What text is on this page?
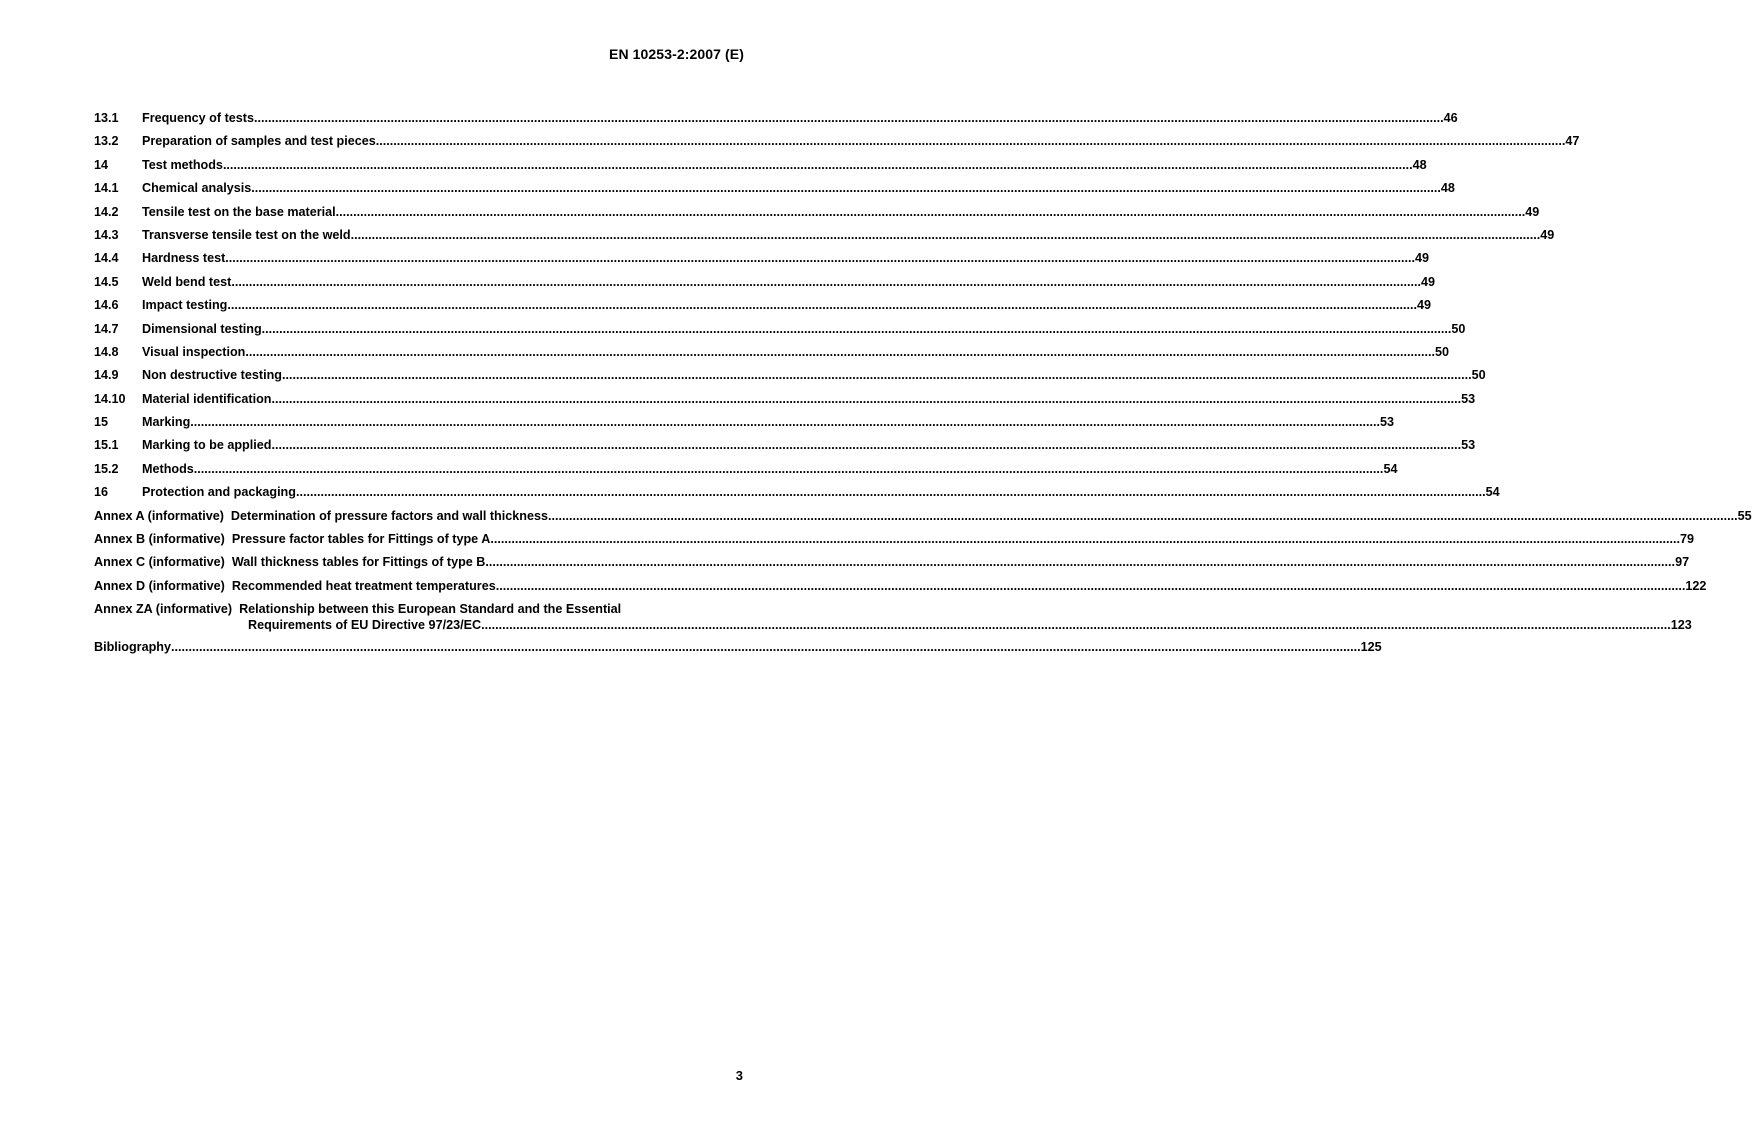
EN 10253-2:2007 (E)
13.1	Frequency of tests .....	46
13.2	Preparation of samples and test pieces .....	47
14	Test methods .....	48
14.1	Chemical analysis .....	48
14.2	Tensile test on the base material .....	49
14.3	Transverse tensile test on the weld .....	49
14.4	Hardness test .....	49
14.5	Weld bend test .....	49
14.6	Impact testing .....	49
14.7	Dimensional testing .....	50
14.8	Visual inspection .....	50
14.9	Non destructive testing .....	50
14.10	Material identification .....	53
15	Marking .....	53
15.1	Marking to be applied .....	53
15.2	Methods .....	54
16	Protection and packaging .....	54
Annex A (informative) Determination of pressure factors and wall thickness .....	55
Annex B (informative) Pressure factor tables for Fittings of type A .....	79
Annex C (informative) Wall thickness tables for Fittings of type B .....	97
Annex D (informative) Recommended heat treatment temperatures .....	122
Annex ZA (informative) Relationship between this European Standard and the Essential
Requirements of EU Directive 97/23/EC .....	123
Bibliography .....	125
3
